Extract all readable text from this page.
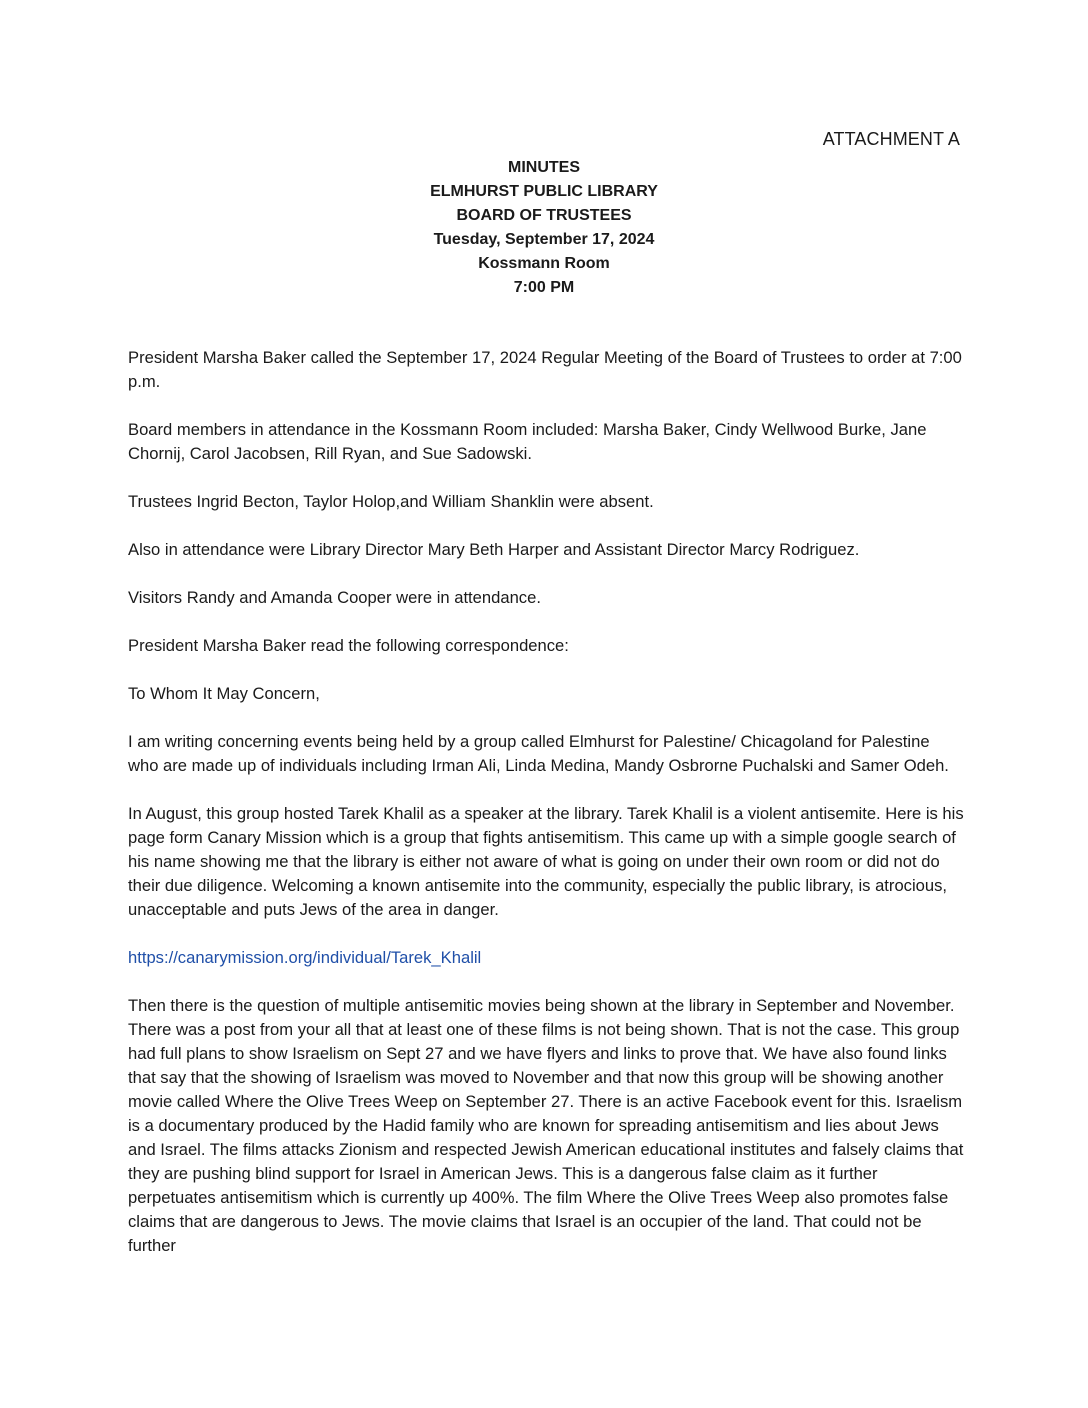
ATTACHMENT A
MINUTES
ELMHURST PUBLIC LIBRARY
BOARD OF TRUSTEES
Tuesday, September 17, 2024
Kossmann Room
7:00 PM

President Marsha Baker called the September 17, 2024 Regular Meeting of the Board of Trustees to order at 7:00 p.m.

Board members in attendance in the Kossmann Room included: Marsha Baker, Cindy Wellwood Burke, Jane Chornij, Carol Jacobsen, Rill Ryan, and Sue Sadowski.

Trustees Ingrid Becton, Taylor Holop,and William Shanklin were absent.

Also in attendance were Library Director Mary Beth Harper and Assistant Director Marcy Rodriguez.

Visitors Randy and Amanda Cooper were in attendance.

President Marsha Baker read the following correspondence:

To Whom It May Concern,

I am writing concerning events being held by a group called Elmhurst for Palestine/ Chicagoland for Palestine who are made up of individuals including Irman Ali, Linda Medina, Mandy Osbrorne Puchalski and Samer Odeh.

In August, this group hosted Tarek Khalil as a speaker at the library. Tarek Khalil is a violent antisemite. Here is his page form Canary Mission which is a group that fights antisemitism. This came up with a simple google search of his name showing me that the library is either not aware of what is going on under their own room or did not do their due diligence. Welcoming a known antisemite into the community, especially the public library, is atrocious, unacceptable and puts Jews of the area in danger.

https://canarymission.org/individual/Tarek_Khalil

Then there is the question of multiple antisemitic movies being shown at the library in September and November. There was a post from your all that at least one of these films is not being shown. That is not the case. This group had full plans to show Israelism on Sept 27 and we have flyers and links to prove that. We have also found links that say that the showing of Israelism was moved to November and that now this group will be showing another movie called Where the Olive Trees Weep on September 27. There is an active Facebook event for this. Israelism is a documentary produced by the Hadid family who are known for spreading antisemitism and lies about Jews and Israel. The films attacks Zionism and respected Jewish American educational institutes and falsely claims that they are pushing blind support for Israel in American Jews. This is a dangerous false claim as it further perpetuates antisemitism which is currently up 400%. The film Where the Olive Trees Weep also promotes false claims that are dangerous to Jews. The movie claims that Israel is an occupier of the land. That could not be further
